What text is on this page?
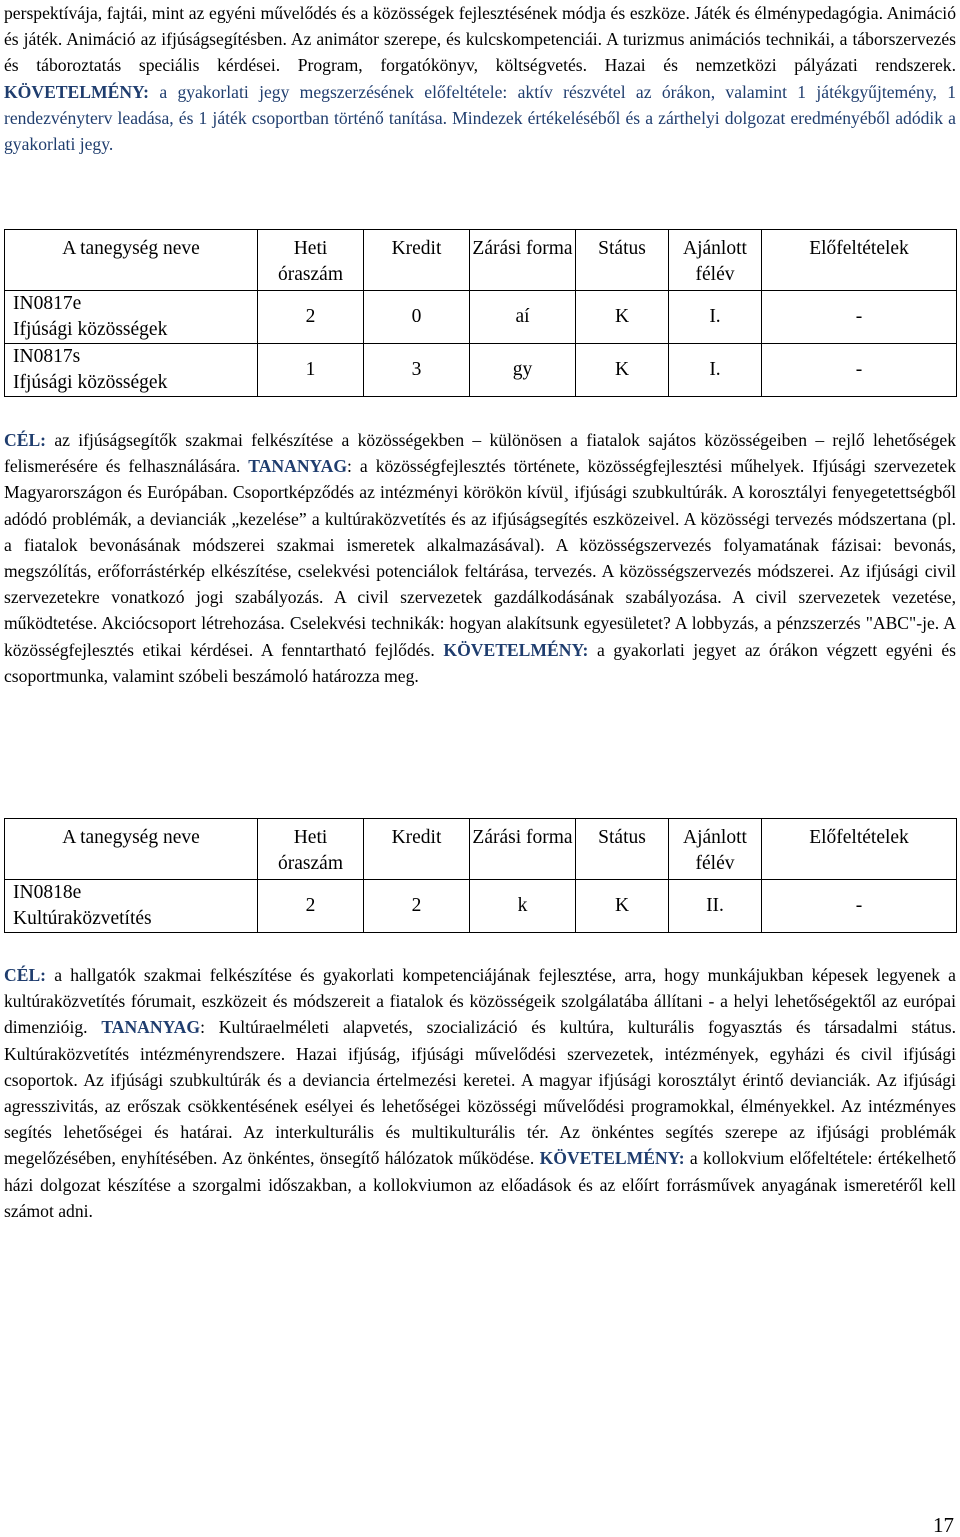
perspektívája, fajtái, mint az egyéni művelődés és a közösségek fejlesztésének módja és eszköze. Játék és élménypedagógia. Animáció és játék. Animáció az ifjúságsegítésben. Az animátor szerepe, és kulcskompetenciái. A turizmus animációs technikái, a táborszervezés és táboroztatás speciális kérdései. Program, forgatókönyv, költségvetés. Hazai és nemzetközi pályázati rendszerek. KÖVETELMÉNY: a gyakorlati jegy megszerzésének előfeltétele: aktív részvétel az órákon, valamint 1 játékgyűjtemény, 1 rendezvényterv leadása, és 1 játék csoportban történő tanítása. Mindezek értékeléséből és a zárthelyi dolgozat eredményéből adódik a gyakorlati jegy.

A tanegység neve	Heti óraszám	Kredit	Zárási forma	Státus	Ajánlott félév	Előfeltételek

IN0817e
Ifjúsági közösségek	2	0	aí	K	I.	-

IN0817s
Ifjúsági közösségek	1	3	gy	K	I.	-

CÉL: az ifjúságsegítők szakmai felkészítése a közösségekben – különösen a fiatalok sajátos közösségeiben – rejlő lehetőségek felismerésére és felhasználására. TANANYAG: a közösségfejlesztés története, közösségfejlesztési műhelyek. Ifjúsági szervezetek Magyarországon és Európában. Csoportképződés az intézményi körökön kívül¸ ifjúsági szubkultúrák. A korosztályi fenyegetettségből adódó problémák, a devianciák „kezelése” a kultúraközvetítés és az ifjúságsegítés eszközeivel. A közösségi tervezés módszertana (pl. a fiatalok bevonásának módszerei szakmai ismeretek alkalmazásával). A közösségszervezés folyamatának fázisai: bevonás, megszólítás, erőforrástérkép elkészítése, cselekvési potenciálok feltárása, tervezés. A közösségszervezés módszerei. Az ifjúsági civil szervezetekre vonatkozó jogi szabályozás. A civil szervezetek gazdálkodásának szabályozása. A civil szervezetek vezetése, működtetése. Akciócsoport létrehozása. Cselekvési technikák: hogyan alakítsunk egyesületet? A lobbyzás, a pénzszerzés "ABC"-je. A közösségfejlesztés etikai kérdései. A fenntartható fejlődés. KÖVETELMÉNY: a gyakorlati jegyet az órákon végzett egyéni és csoportmunka, valamint szóbeli beszámoló határozza meg.

A tanegység neve	Heti óraszám	Kredit	Zárási forma	Státus	Ajánlott félév	Előfeltételek

IN0818e
Kultúraközvetítés	2	2	k	K	II.	-

CÉL: a hallgatók szakmai felkészítése és gyakorlati kompetenciájának fejlesztése, arra, hogy munkájukban képesek legyenek a kultúraközvetítés fórumait, eszközeit és módszereit a fiatalok és közösségeik szolgálatába állítani - a helyi lehetőségektől az európai dimenzióig. TANANYAG: Kultúraelméleti alapvetés, szocializáció és kultúra, kulturális fogyasztás és társadalmi státus. Kultúraközvetítés intézményrendszere. Hazai ifjúság, ifjúsági művelődési szervezetek, intézmények, egyházi és civil ifjúsági csoportok. Az ifjúsági szubkultúrák és a deviancia értelmezési keretei. A magyar ifjúsági korosztályt érintő devianciák. Az ifjúsági agresszivitás, az erőszak csökkentésének esélyei és lehetőségei közösségi művelődési programokkal, élményekkel. Az intézményes segítés lehetőségei és határai. Az interkulturális és multikulturális tér. Az önkéntes segítés szerepe az ifjúsági problémák megelőzésében, enyhítésében. Az önkéntes, önsegítő hálózatok működése. KÖVETELMÉNY: a kollokvium előfeltétele: értékelhető házi dolgozat készítése a szorgalmi időszakban, a kollokviumon az előadások és az előírt forrásművek anyagának ismeretéről kell számot adni.

17
